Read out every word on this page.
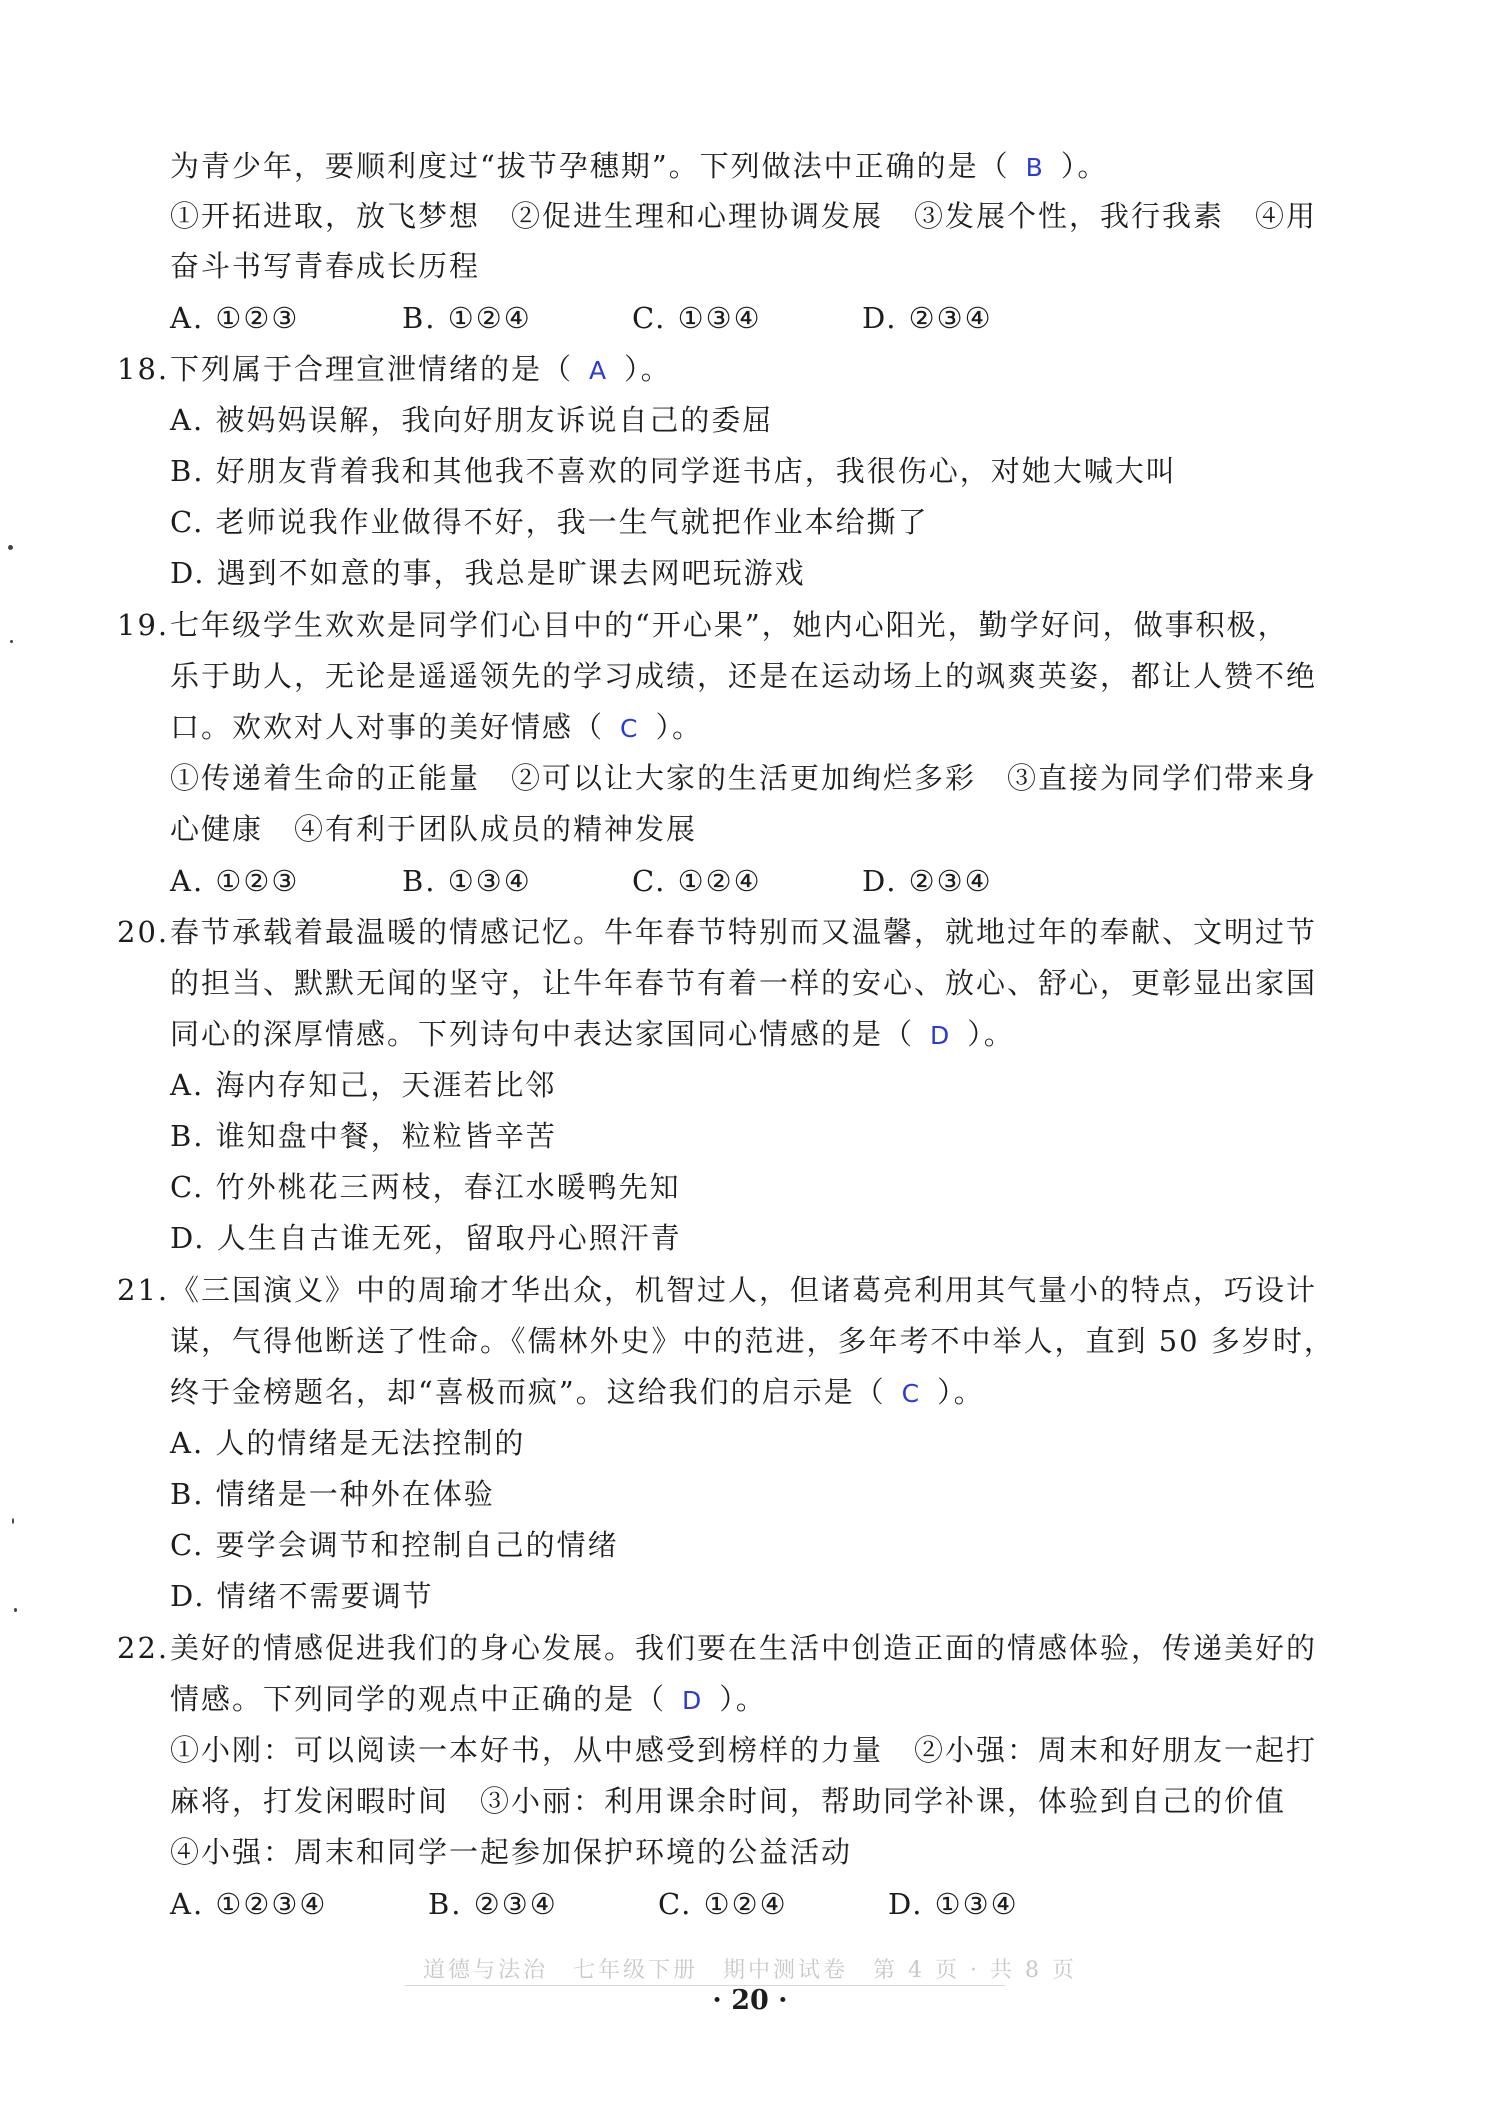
为青少年，要顺利度过“拔节孕穗期”。下列做法中正确的是（ B ）。
①开拓进取，放飞梦想　②促进生理和心理协调发展　③发展个性，我行我素　④用
奋斗书写青春成长历程
A. ①②③	B. ①②④	C. ①③④	D. ②③④
18. 下列属于合理宣泄情绪的是（ A ）。
A. 被妈妈误解，我向好朋友诉说自己的委屈
B. 好朋友背着我和其他我不喜欢的同学逛书店，我很伤心，对她大喊大叫
C. 老师说我作业做得不好，我一生气就把作业本给撕了
D. 遇到不如意的事，我总是旷课去网吧玩游戏
19. 七年级学生欢欢是同学们心目中的“开心果”，她内心阳光，勤学好问，做事积极，
乐于助人，无论是遥遥领先的学习成绩，还是在运动场上的飒爽英姿，都让人赞不绝
口。欢欢对人对事的美好情感（ C ）。
①传递着生命的正能量　②可以让大家的生活更加绚烂多彩　③直接为同学们带来身
心健康　④有利于团队成员的精神发展
A. ①②③	B. ①③④	C. ①②④	D. ②③④
20. 春节承载着最温暖的情感记忆。牛年春节特别而又温馨，就地过年的奉献、文明过节
的担当、默默无闻的坚守，让牛年春节有着一样的安心、放心、舒心，更彰显出家国
同心的深厚情感。下列诗句中表达家国同心情感的是（ D ）。
A. 海内存知己，天涯若比邻
B. 谁知盘中餐，粒粒皆辛苦
C. 竹外桃花三两枝，春江水暖鸭先知
D. 人生自古谁无死，留取丹心照汗青
21. 《三国演义》中的周瑜才华出众，机智过人，但诸葛亮利用其气量小的特点，巧设计
谋，气得他断送了性命。《儒林外史》中的范进，多年考不中举人，直到 50 多岁时，
终于金榜题名，却“喜极而疯”。这给我们的启示是（ C ）。
A. 人的情绪是无法控制的
B. 情绪是一种外在体验
C. 要学会调节和控制自己的情绪
D. 情绪不需要调节
22. 美好的情感促进我们的身心发展。我们要在生活中创造正面的情感体验，传递美好的
情感。下列同学的观点中正确的是（ D ）。
①小刚：可以阅读一本好书，从中感受到榜样的力量　②小强：周末和好朋友一起打
麻将，打发闲暇时间　③小丽：利用课余时间，帮助同学补课，体验到自己的价值
④小强：周末和同学一起参加保护环境的公益活动
A. ①②③④	B. ②③④	C. ①②④	D. ①③④
道德与法治　七年级下册　期中测试卷　第 4 页 · 共 8 页
· 20 ·
